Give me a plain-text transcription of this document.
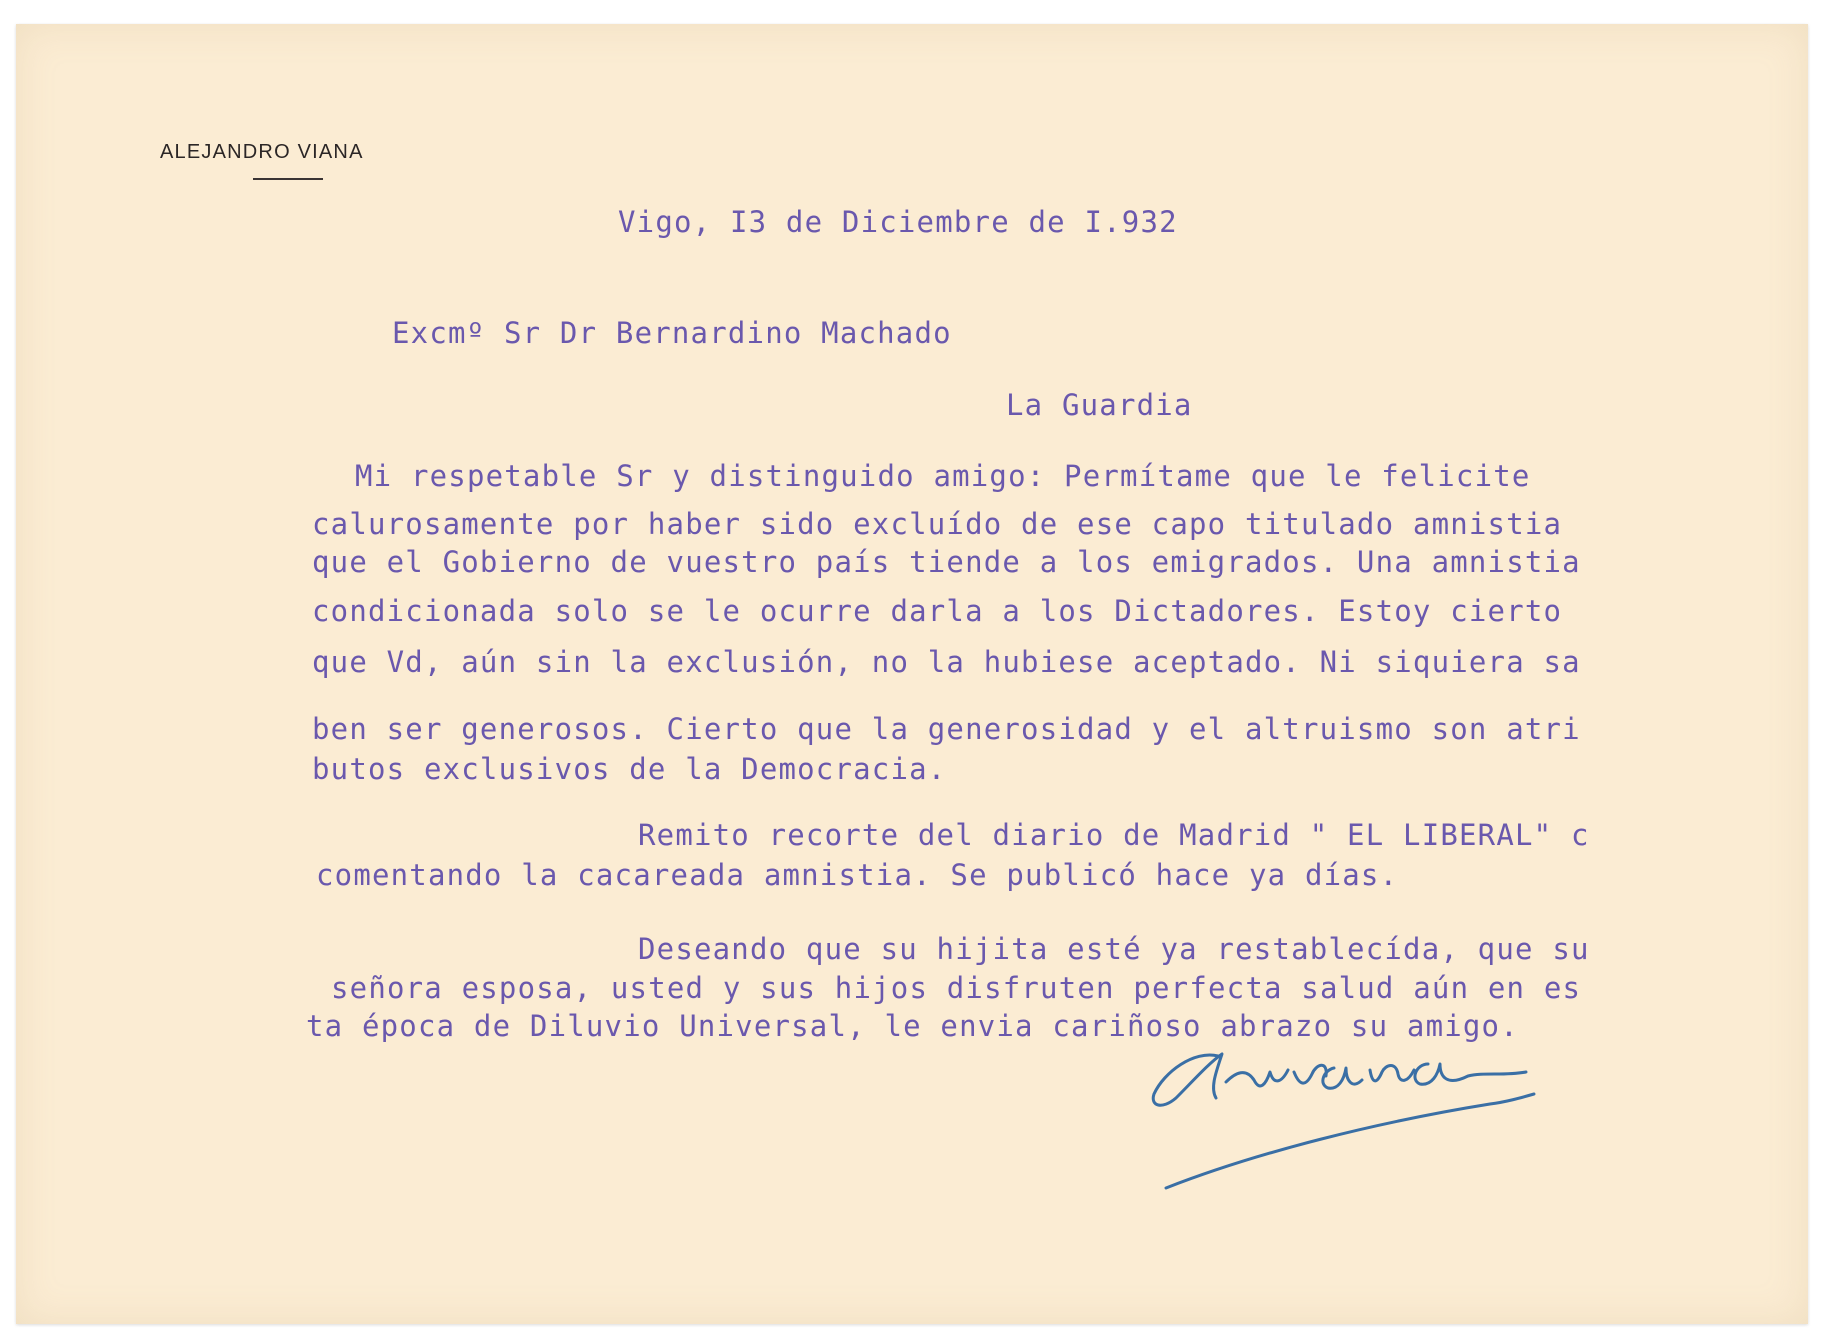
ALEJANDRO VIANA
Vigo, I3 de Diciembre de I.932
Excmº Sr Dr Bernardino Machado
La Guardia
Mi respetable Sr y distinguido amigo: Permítame que le felicite
calurosamente por haber sido excluído de ese capo titulado amnistia
que el Gobierno de vuestro país tiende a los emigrados. Una amnistia
condicionada solo se le ocurre darla a los Dictadores. Estoy cierto
que Vd, aún sin la exclusión, no la hubiese aceptado. Ni siquiera sa
ben ser generosos. Cierto que la generosidad y el altruismo son atri
butos exclusivos de la Democracia.
Remito recorte del diario de Madrid " EL LIBERAL" c
comentando la cacareada amnistia. Se publicó hace ya días.
Deseando que su hijita esté ya restablecída, que su
señora esposa, usted y sus hijos disfruten perfecta salud aún en es
ta época de Diluvio Universal, le envia cariñoso abrazo su amigo.
